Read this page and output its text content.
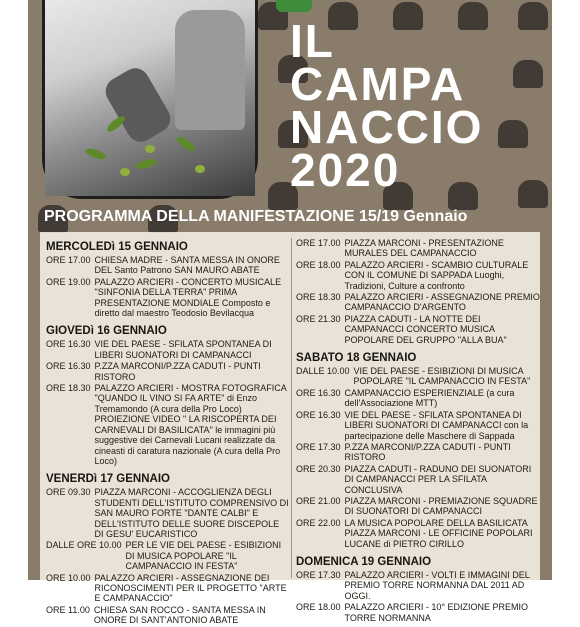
IL
CAMPA
NACCIO
2020
PROGRAMMA DELLA MANIFESTAZIONE 15/19 Gennaio
MERCOLEDì 15 GENNAIO
ORE 17.00 CHIESA MADRE - SANTA MESSA IN ONORE DEL Santo Patrono SAN MAURO ABATE
ORE 19.00 PALAZZO ARCIERI - CONCERTO MUSICALE "SINFONIA DELLA TERRA" PRIMA PRESENTAZIONE MONDIALE Composto e diretto dal maestro Teodosio Bevilacqua
GIOVEDì 16 GENNAIO
ORE 16.30 VIE DEL PAESE - SFILATA SPONTANEA DI LIBERI SUONATORI DI CAMPANACCI
ORE 16.30 P.ZZA MARCONI/P.ZZA CADUTI - PUNTI RISTORO
ORE 18.30 PALAZZO ARCIERI - MOSTRA FOTOGRAFICA "QUANDO IL VINO SI FA ARTE" di Enzo Tremamondo (A cura della Pro Loco) PROIEZIONE VIDEO " LA RISCOPERTA DEI CARNEVALI DI BASILICATA" le immagini più suggestive dei Carnevali Lucani realizzate da cineasti di caratura nazionale (A cura della Pro Loco)
VENERDì 17 GENNAIO
ORE 09.30 PIAZZA MARCONI - ACCOGLIENZA DEGLI STUDENTI DELL'ISTITUTO COMPRENSIVO DI SAN MAURO FORTE "DANTE CALBI" E DELL'ISTITUTO DELLE SUORE DISCEPOLE DI GESU' EUCARISTICO
DALLE ORE 10.00 PER LE VIE DEL PAESE - ESIBIZIONI DI MUSICA POPOLARE "IL CAMPANACCIO IN FESTA"
ORE 10.00 PALAZZO ARCIERI - ASSEGNAZIONE DEI RICONOSCIMENTI PER IL PROGETTO "ARTE E CAMPANACCIO"
ORE 11.00 CHIESA SAN ROCCO - SANTA MESSA IN ONORE DI SANT'ANTONIO ABATE
ORE 17.00 PIAZZA MARCONI - PRESENTAZIONE MURALES DEL CAMPANACCIO
ORE 18.00 PALAZZO ARCIERI - SCAMBIO CULTURALE CON IL COMUNE DI SAPPADA Luoghi, Tradizioni, Culture a confronto
ORE 18.30 PALAZZO ARCIERI - ASSEGNAZIONE PREMIO CAMPANACCIO D'ARGENTO
ORE 21.30 PIAZZA CADUTI - LA NOTTE DEI CAMPANACCI CONCERTO MUSICA POPOLARE DEL GRUPPO "ALLA BUA"
SABATO 18 GENNAIO
DALLE 10.00 VIE DEL PAESE - ESIBIZIONI DI MUSICA POPOLARE "IL CAMPANACCIO IN FESTA"
ORE 16.30 CAMPANACCIO ESPERIENZIALE (a cura dell'Associazione MTT)
ORE 16.30 VIE DEL PAESE - SFILATA SPONTANEA DI LIBERI SUONATORI DI CAMPANACCI con la partecipazione delle Maschere di Sappada
ORE 17.30 P.ZZA MARCONI/P.ZZA CADUTI - PUNTI RISTORO
ORE 20.30 PIAZZA CADUTI - RADUNO DEI SUONATORI DI CAMPANACCI PER LA SFILATA CONCLUSIVA
ORE 21.00 PIAZZA MARCONI - PREMIAZIONE SQUADRE DI SUONATORI DI CAMPANACCI
ORE 22.00 LA MUSICA POPOLARE DELLA BASILICATA PIAZZA MARCONI - LE OFFICINE POPOLARI LUCANE di PIETRO CIRILLO
DOMENICA 19 GENNAIO
ORE 17.30 PALAZZO ARCIERI - VOLTI E IMMAGINI DEL PREMIO TORRE NORMANNA DAL 2011 AD OGGI.
ORE 18.00 PALAZZO ARCIERI - 10° EDIZIONE PREMIO TORRE NORMANNA
